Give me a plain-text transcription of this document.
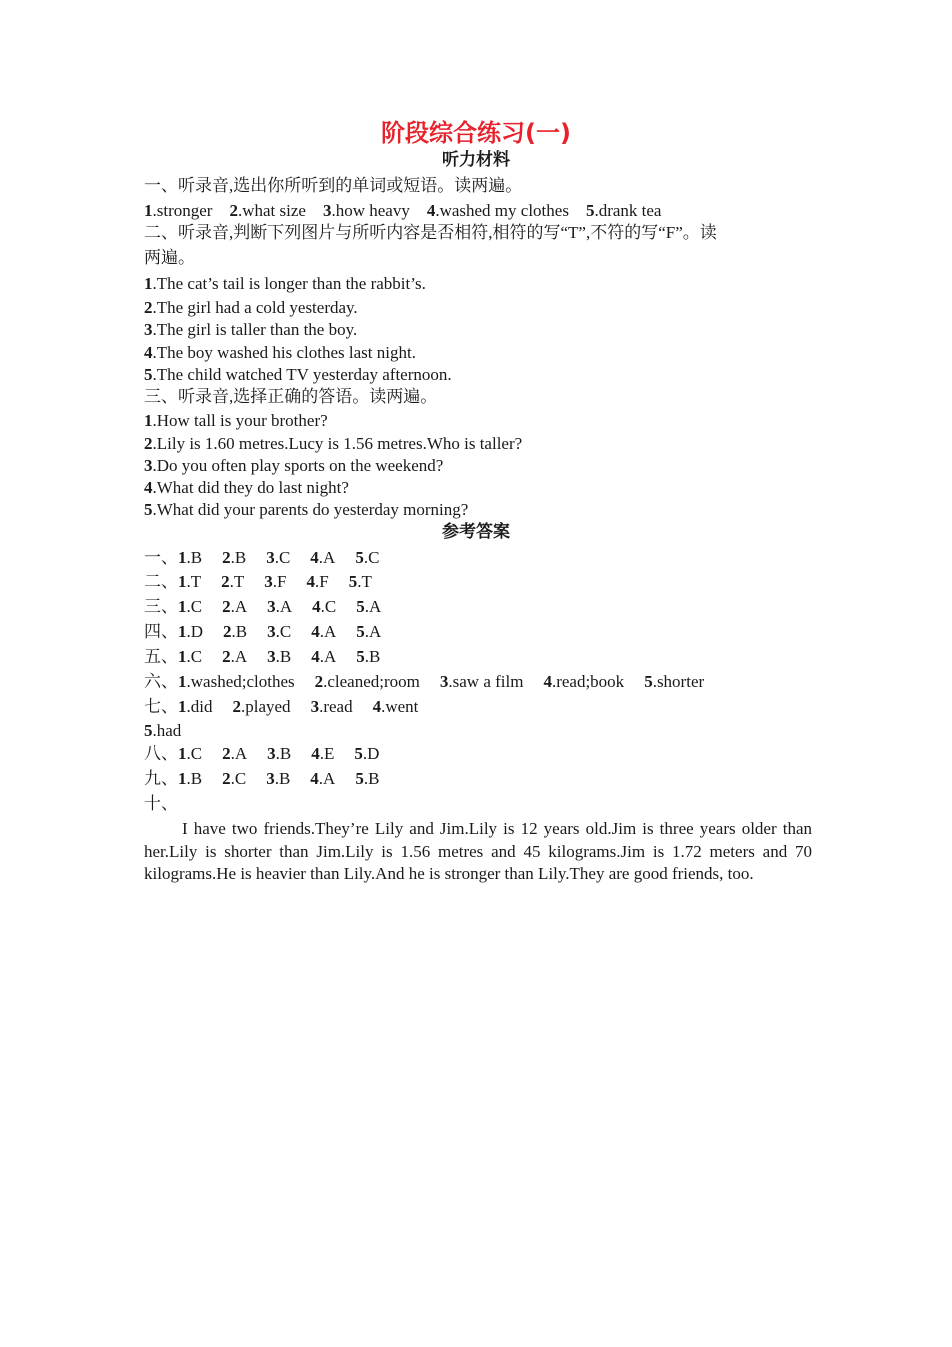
阶段综合练习(一)
听力材料
一、听录音,选出你所听到的单词或短语。读两遍。
1.stronger 2.what size 3.how heavy 4.washed my clothes 5.drank tea
二、听录音,判断下列图片与所听内容是否相符,相符的写“T”,不符的写“F”。读
两遍。
1.The cat’s tail is longer than the rabbit’s.
2.The girl had a cold yesterday.
3.The girl is taller than the boy.
4.The boy washed his clothes last night.
5.The child watched TV yesterday afternoon.
三、听录音,选择正确的答语。读两遍。
1.How tall is your brother?
2.Lily is 1.60 metres.Lucy is 1.56 metres.Who is taller?
3.Do you often play sports on the weekend?
4.What did they do last night?
5.What did your parents do yesterday morning?
参考答案
一、1.B 2.B 3.C 4.A 5.C
二、1.T 2.T 3.F 4.F 5.T
三、1.C 2.A 3.A 4.C 5.A
四、1.D 2.B 3.C 4.A 5.A
五、1.C 2.A 3.B 4.A 5.B
六、1.washed;clothes 2.cleaned;room 3.saw a film 4.read;book 5.shorter
七、1.did 2.played 3.read 4.went
5.had
八、1.C 2.A 3.B 4.E 5.D
九、1.B 2.C 3.B 4.A 5.B
十、
I have two friends.They’re Lily and Jim.Lily is 12 years old.Jim is three years older than her.Lily is shorter than Jim.Lily is 1.56 metres and 45 kilograms.Jim is 1.72 meters and 70 kilograms.He is heavier than Lily.And he is stronger than Lily.They are good friends, too.
